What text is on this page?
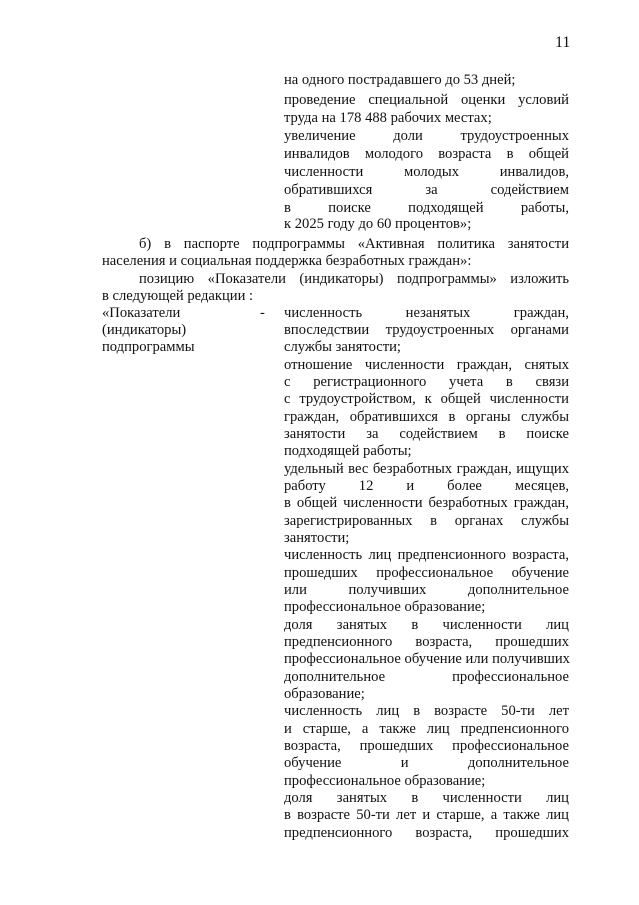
11
на одного пострадавшего до 53 дней;
проведение специальной оценки условий
труда на 178 488 рабочих местах;
увеличение доли трудоустроенных
инвалидов молодого возраста в общей
численности молодых инвалидов,
обратившихся за содействием
в поиске подходящей работы,
к 2025 году до 60 процентов»;
б) в паспорте подпрограммы «Активная политика занятости
населения и социальная поддержка безработных граждан»:
позицию «Показатели (индикаторы) подпрограммы» изложить
в следующей редакции :
«Показатели
(индикаторы)
подпрограммы
- численность незанятых граждан,
впоследствии трудоустроенных органами
службы занятости;
отношение численности граждан, снятых
с регистрационного учета в связи
с трудоустройством, к общей численности
граждан, обратившихся в органы службы
занятости за содействием в поиске
подходящей работы;
удельный вес безработных граждан, ищущих
работу 12 и более месяцев,
в общей численности безработных граждан,
зарегистрированных в органах службы
занятости;
численность лиц предпенсионного возраста,
прошедших профессиональное обучение
или получивших дополнительное
профессиональное образование;
доля занятых в численности лиц
предпенсионного возраста, прошедших
профессиональное обучение или получивших
дополнительное профессиональное
образование;
численность лиц в возрасте 50-ти лет
и старше, а также лиц предпенсионного
возраста, прошедших профессиональное
обучение и дополнительное
профессиональное образование;
доля занятых в численности лиц
в возрасте 50-ти лет и старше, а также лиц
предпенсионного возраста, прошедших
